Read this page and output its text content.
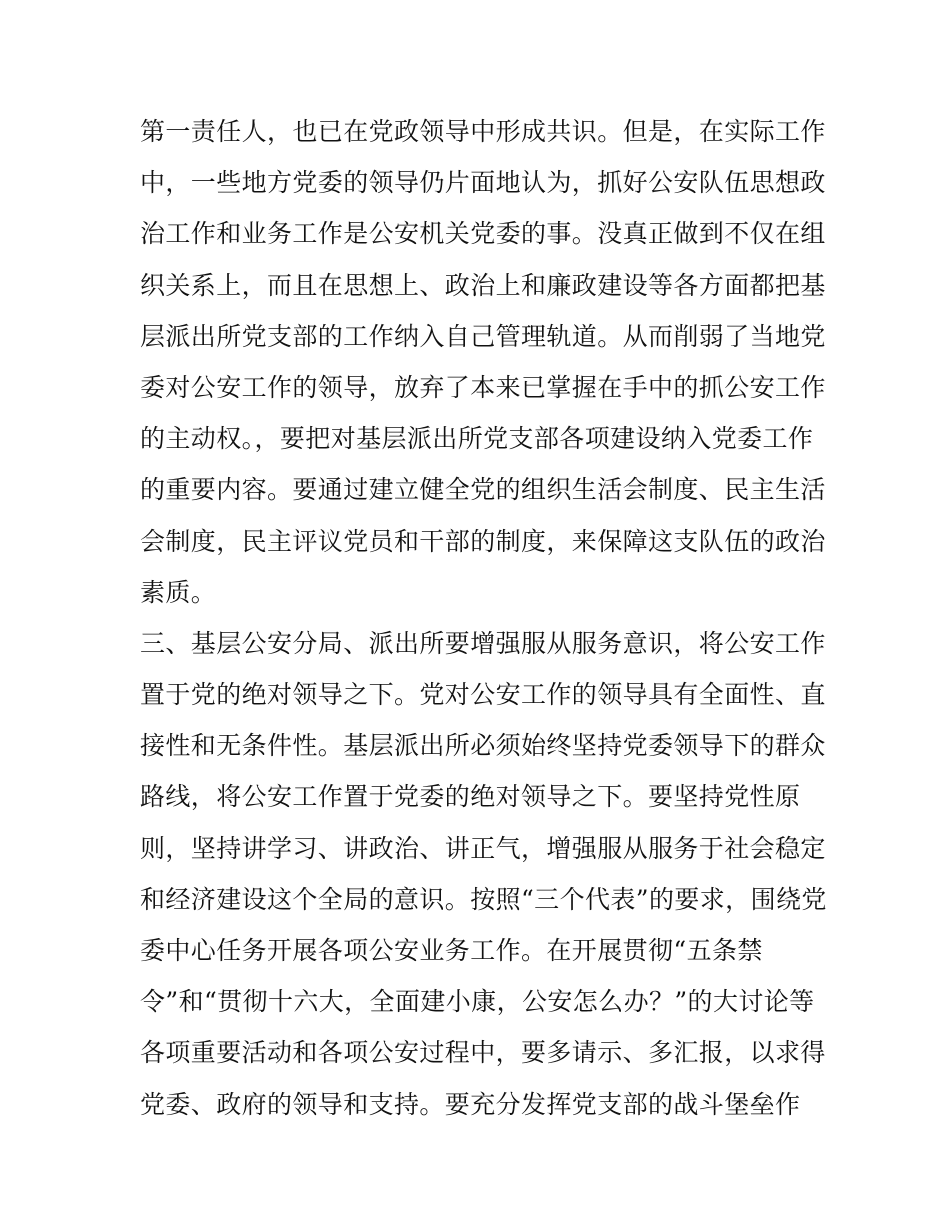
第一责任人，也已在党政领导中形成共识。但是，在实际工作
中，一些地方党委的领导仍片面地认为，抓好公安队伍思想政
治工作和业务工作是公安机关党委的事。没真正做到不仅在组
织关系上，而且在思想上、政治上和廉政建设等各方面都把基
层派出所党支部的工作纳入自己管理轨道。从而削弱了当地党
委对公安工作的领导，放弃了本来已掌握在手中的抓公安工作
的主动权。，要把对基层派出所党支部各项建设纳入党委工作
的重要内容。要通过建立健全党的组织生活会制度、民主生活
会制度，民主评议党员和干部的制度，来保障这支队伍的政治
素质。
三、基层公安分局、派出所要增强服从服务意识，将公安工作
置于党的绝对领导之下。党对公安工作的领导具有全面性、直
接性和无条件性。基层派出所必须始终坚持党委领导下的群众
路线，将公安工作置于党委的绝对领导之下。要坚持党性原
则，坚持讲学习、讲政治、讲正气，增强服从服务于社会稳定
和经济建设这个全局的意识。按照“三个代表”的要求，围绕党
委中心任务开展各项公安业务工作。在开展贯彻“五条禁
令”和“贯彻十六大，全面建小康，公安怎么办？”的大讨论等
各项重要活动和各项公安过程中，要多请示、多汇报，以求得
党委、政府的领导和支持。要充分发挥党支部的战斗堡垒作
